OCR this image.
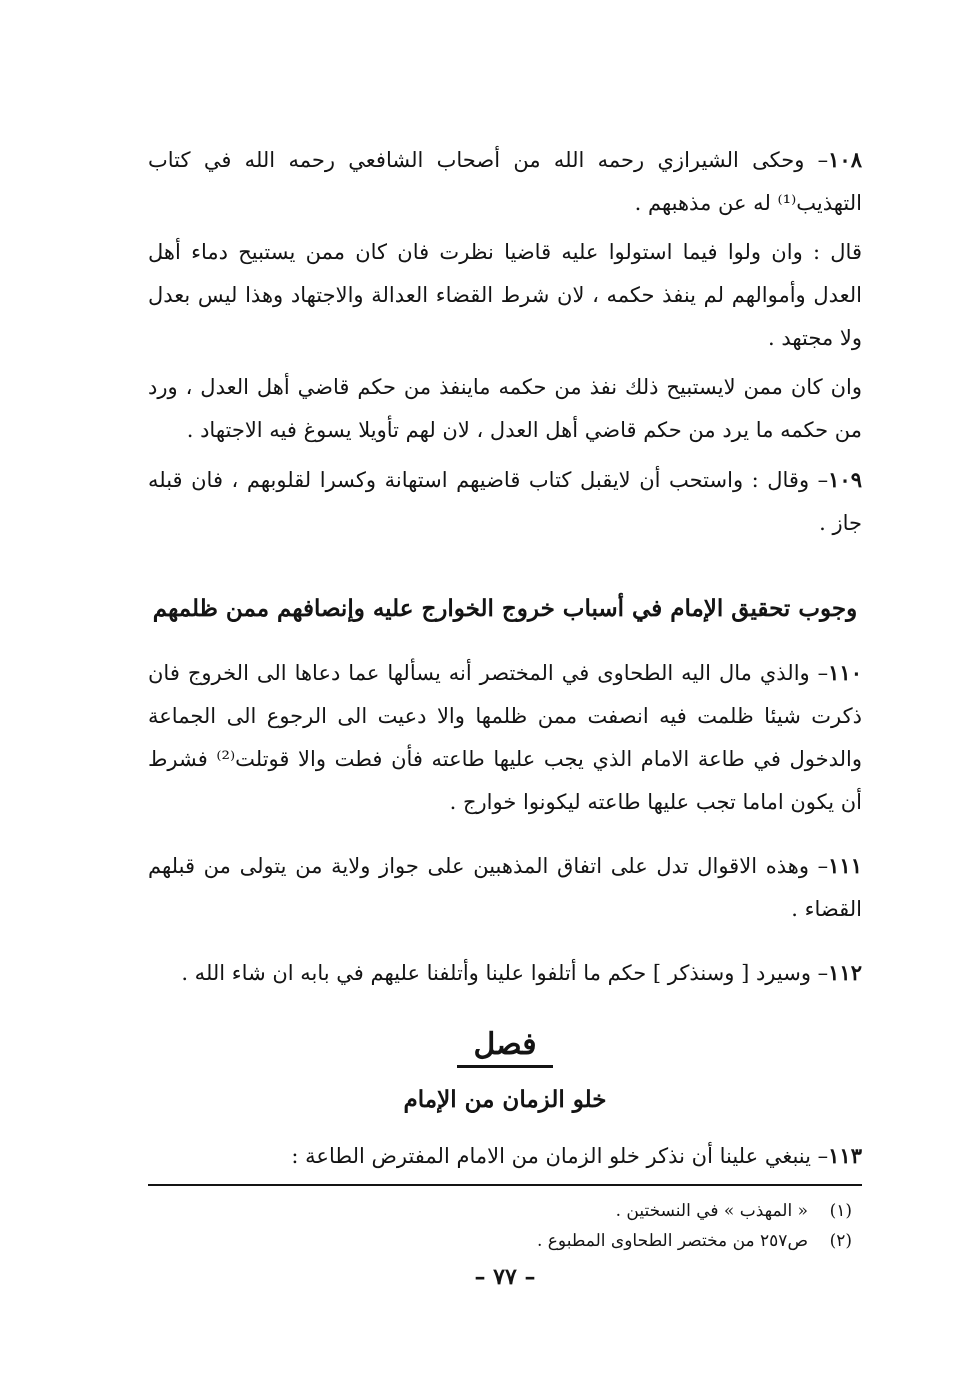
١٠٨– وحكى الشيرازي رحمه الله من أصحاب الشافعي رحمه الله في كتاب التهذيب⁽¹⁾ له عن مذهبهم .

قال : وان ولوا فيما استولوا عليه قاضيا نظرت فان كان ممن يستبيح دماء أهل العدل وأموالهم لم ينفذ حكمه ، لان شرط القضاء العدالة والاجتهاد وهذا ليس بعدل ولا مجتهد .

وان كان ممن لايستبيح ذلك نفذ من حكمه ماينفذ من حكم قاضي أهل العدل ، ورد من حكمه ما يرد من حكم قاضي أهل العدل ، لان لهم تأويلا يسوغ فيه الاجتهاد .

١٠٩– وقال : واستحب أن لايقبل كتاب قاضيهم استهانة وكسرا لقلوبهم ، فان قبله جاز .

وجوب تحقيق الإمام في أسباب خروج الخوارج عليه وإنصافهم ممن ظلمهم

١١٠– والذي مال اليه الطحاوى في المختصر أنه يسألها عما دعاها الى الخروج فان ذكرت شيئا ظلمت فيه انصفت ممن ظلمها والا دعيت الى الرجوع الى الجماعة والدخول في طاعة الامام الذي يجب عليها طاعته فأن فطت والا قوتلت⁽²⁾ فشرط أن يكون اماما تجب عليها طاعته ليكونوا خوارج .

١١١– وهذه الاقوال تدل على اتفاق المذهبين على جواز ولاية من يتولى من قبلهم القضاء .

١١٢– وسيرد [ وسنذكر ] حكم ما أتلفوا علينا وأتلفنا عليهم في بابه ان شاء الله .

فصل
خلو الزمان من الإمام

١١٣– ينبغي علينا أن نذكر خلو الزمان من الامام المفترض الطاعة :

(١)« المهذب » في النسختين .

(٢)ص٢٥٧ من مختصر الطحاوى المطبوع .

– ٧٧ –
